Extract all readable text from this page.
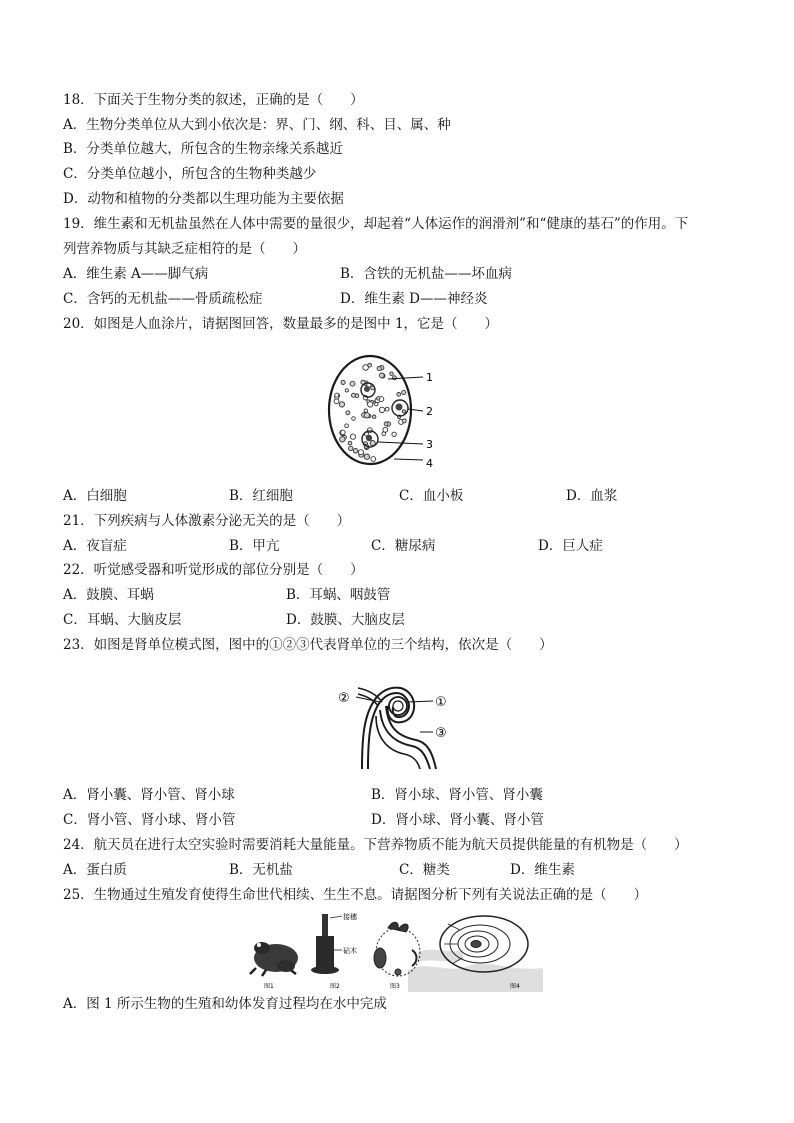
18．下面关于生物分类的叙述，正确的是（　　）
A．生物分类单位从大到小依次是：界、门、纲、科、目、属、种
B．分类单位越大，所包含的生物亲缘关系越近
C．分类单位越小，所包含的生物种类越少
D．动物和植物的分类都以生理功能为主要依据
19．维生素和无机盐虽然在人体中需要的量很少，却起着“人体运作的润滑剂”和“健康的基石”的作用。下
列营养物质与其缺乏症相符的是（　　）
A．维生素 A——脚气病	B．含铁的无机盐——坏血病
C．含钙的无机盐——骨质疏松症	D．维生素 D——神经炎
20．如图是人血涂片，请据图回答，数量最多的是图中 1，它是（　　）
1
2
3
4
A．白细胞	B．红细胞	C．血小板	D．血浆
21．下列疾病与人体激素分泌无关的是（　　）
A．夜盲症	B．甲亢	C．糖尿病	D．巨人症
22．听觉感受器和听觉形成的部位分别是（　　）
A．鼓膜、耳蜗	B．耳蜗、咽鼓管
C．耳蜗、大脑皮层	D．鼓膜、大脑皮层
23．如图是肾单位模式图，图中的①②③代表肾单位的三个结构，依次是（　　）
②	①
③
A．肾小囊、肾小管、肾小球	B．肾小球、肾小管、肾小囊
C．肾小管、肾小球、肾小管	D．肾小球、肾小囊、肾小管
24．航天员在进行太空实验时需要消耗大量能量。下营养物质不能为航天员提供能量的有机物是（　　）
A．蛋白质	B．无机盐	C．糖类	D．维生素
25．生物通过生殖发育使得生命世代相续、生生不息。请据图分析下列有关说法正确的是（　　）
图1
接穗
砧木
图2	图3	图4
A．图 1 所示生物的生殖和幼体发育过程均在水中完成
